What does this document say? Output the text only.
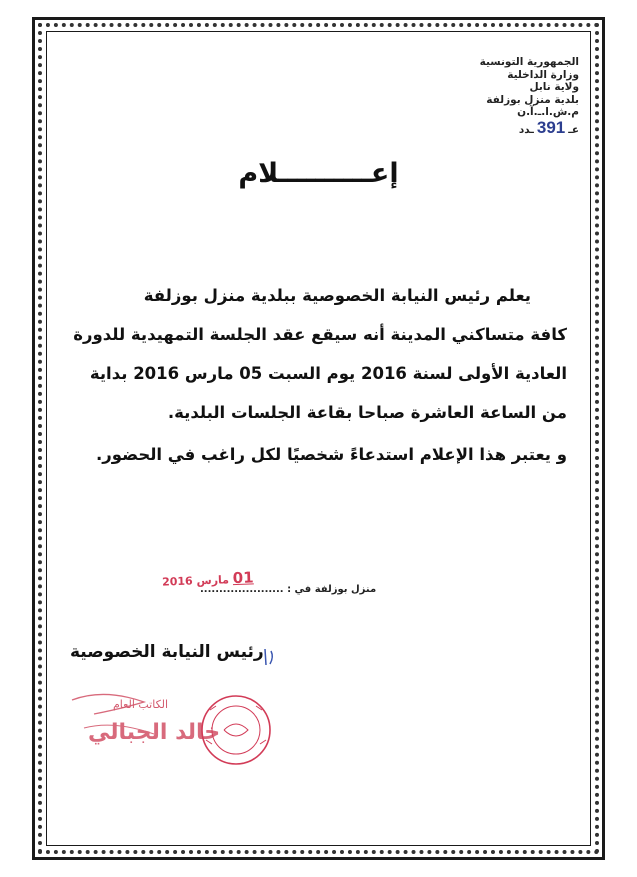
الجمهورية التونسية
وزارة الداخلية
ولاية نابل
بلدية منزل بوزلفة
م.ش.ا.ـ.آ.ن
عـ391ـدد
إعــــــــــلام

يعلم رئيس النيابة الخصوصية ببلدية منزل بوزلفة

كافة متساكني المدينة أنه سيقع عقد الجلسة التمهيدية للدورة

العادية الأولى لسنة 2016 يوم السبت 05 مارس 2016 بداية

من الساعة العاشرة صباحا بقاعة الجلسات البلدية.

و يعتبر هذا الإعلام استدعاءً شخصيًا لكل راغب في الحضور.

منزل بوزلفة في : ......................
01 مارس 2016
رئيس النيابة الخصوصية
الكاتب العام
خالد الجبالي
